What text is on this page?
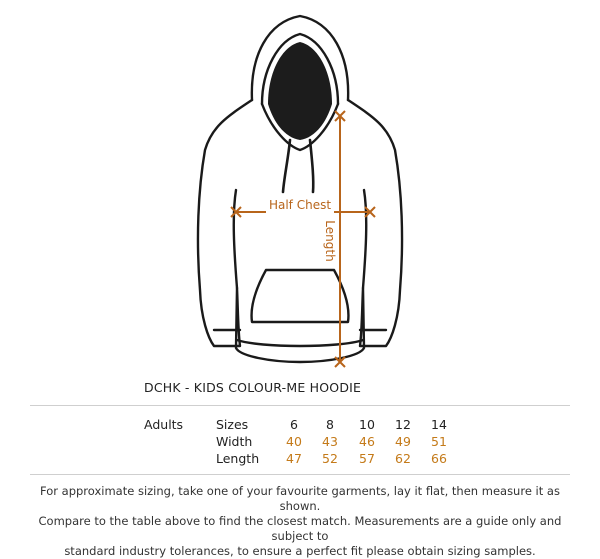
Half Chest
Length
DCHK - KIDS COLOUR-ME HOODIE
Adults	Sizes	6 8 10 12 14
Width	40 43 46 49 51
Length 47 52 57 62 66
For approximate sizing, take one of your favourite garments, lay it flat, then measure it as shown.
Compare to the table above to find the closest match. Measurements are a guide only and subject to
standard industry tolerances, to ensure a perfect fit please obtain sizing samples.
